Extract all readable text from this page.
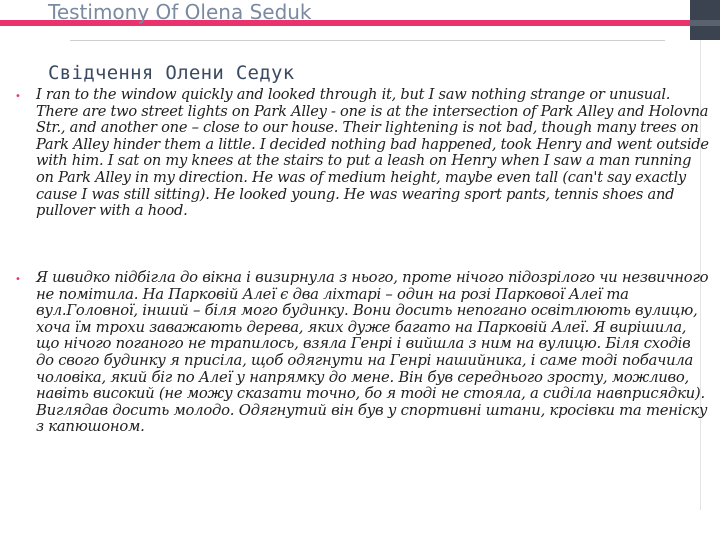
Testimony Of Olena Seduk
Свідчення Олени Седук
• I ran to the window quickly and looked through it, but I saw nothing strange or unusual. There are two street lights on Park Alley - one is at the intersection of Park Alley and Holovna Str., and another one – close to our house. Their lightening is not bad, though many trees on Park Alley hinder them a little. I decided nothing bad happened, took Henry and went outside with him. I sat on my knees at the stairs to put a leash on Henry when I saw a man running on Park Alley in my direction. He was of medium height, maybe even tall (can't say exactly cause I was still sitting). He looked young. He was wearing sport pants, tennis shoes and pullover with a hood.
• Я швидко підбігла до вікна і визирнула з нього, проте нічого підозрілого чи незвичного не помітила. На Парковій Алеї є два ліхтарі – один на розі Паркової Алеї та вул.Головної, інший – біля мого будинку. Вони досить непогано освітлюють вулицю, хоча їм трохи заважають дерева, яких дуже багато на Парковій Алеї. Я вирішила, що нічого поганого не трапилось, взяла Генрі і вийшла з ним на вулицю. Біля сходів до свого будинку я присіла, щоб одягнути на Генрі нашийника, і саме тоді побачила чоловіка, який біг по Алеї у напрямку до мене. Він був середнього зросту, можливо, навіть високий (не можу сказати точно, бо я тоді не стояла, а сиділа навприсядки). Виглядав досить молодо. Одягнутий він був у спортивні штани, кросівки та теніску з капюшоном.
